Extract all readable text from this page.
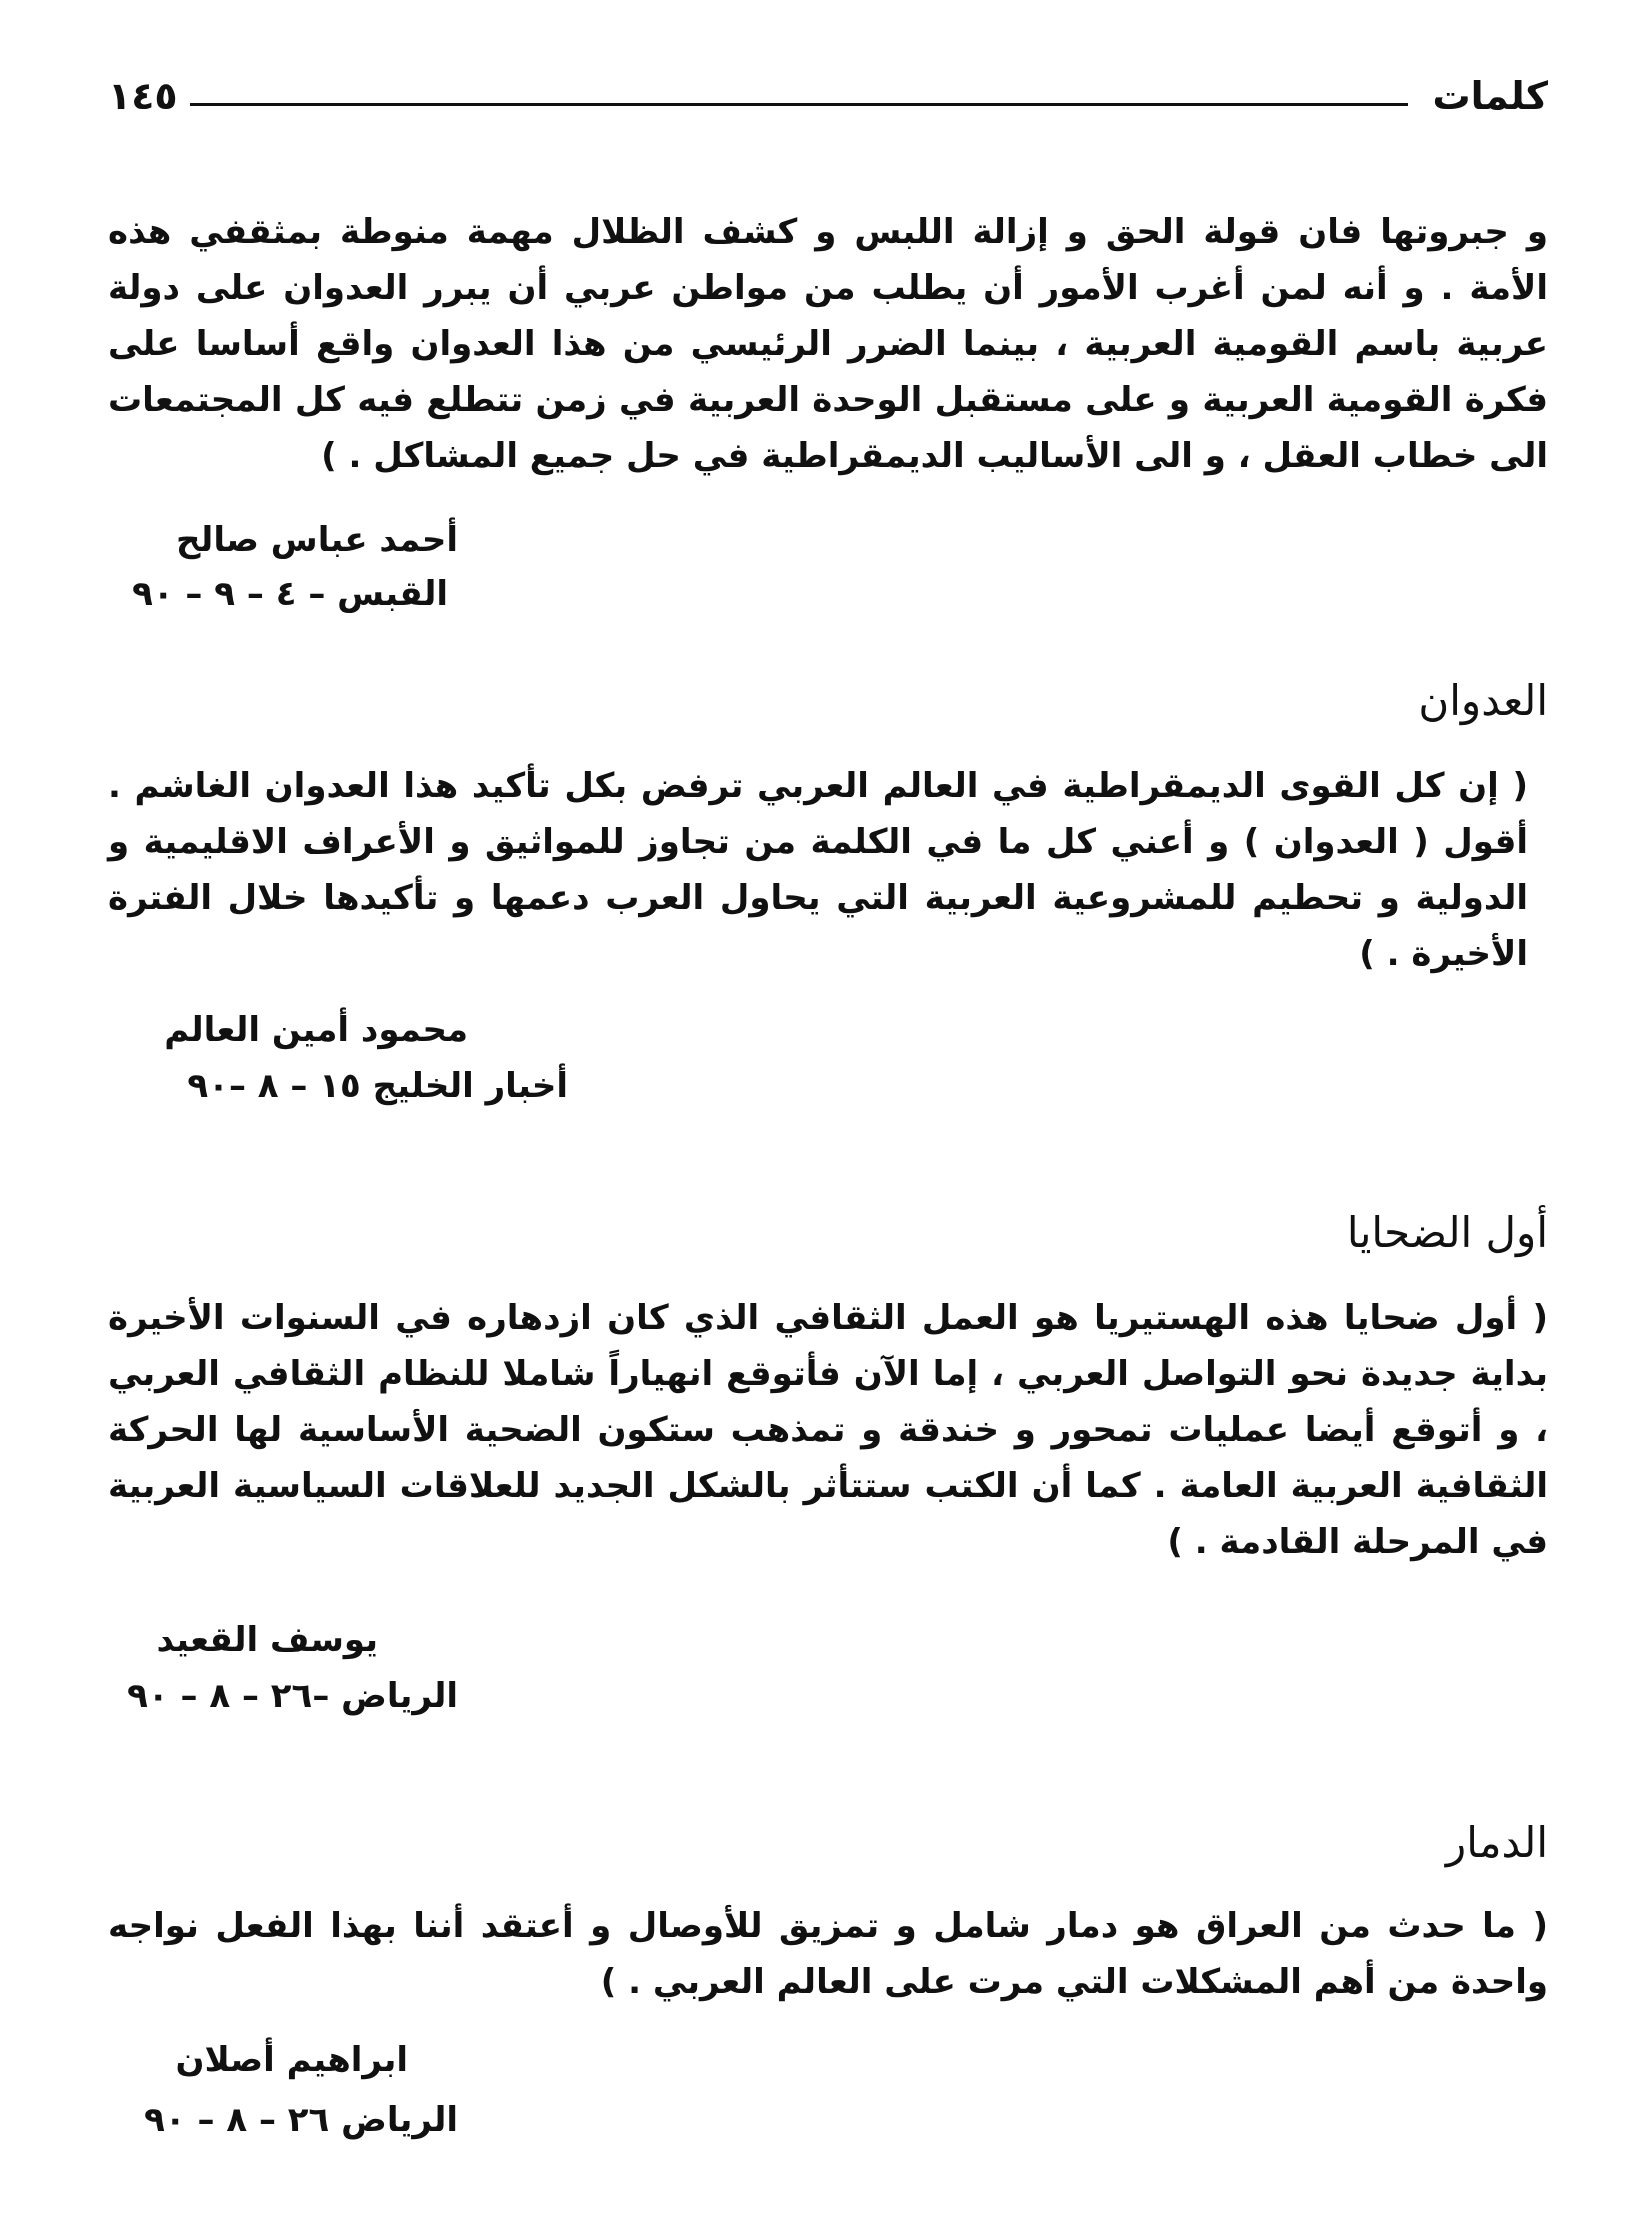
كلمات
١٤٥
و جبروتها فان قولة الحق و إزالة اللبس و كشف الظلال مهمة منوطة بمثقفي هذه الأمة . و أنه لمن أغرب الأمور أن يطلب من مواطن عربي أن يبرر العدوان على دولة عربية باسم القومية العربية ، بينما الضرر الرئيسي من هذا العدوان واقع أساسا على فكرة القومية العربية و على مستقبل الوحدة العربية في زمن تتطلع فيه كل المجتمعات الى خطاب العقل ، و الى الأساليب الديمقراطية في حل جميع المشاكل . )
أحمد عباس صالح
القبس – ٤ – ٩ – ٩٠
العدوان
( إن كل القوى الديمقراطية في العالم العربي ترفض بكل تأكيد هذا العدوان الغاشم . أقول ( العدوان ) و أعني كل ما في الكلمة من تجاوز للمواثيق و الأعراف الاقليمية و الدولية و تحطيم للمشروعية العربية التي يحاول العرب دعمها و تأكيدها خلال الفترة الأخيرة . )
محمود أمين العالم
أخبار الخليج ١٥ – ٨ –٩٠
أول الضحايا
( أول ضحايا هذه الهستيريا هو العمل الثقافي الذي كان ازدهاره في السنوات الأخيرة بداية جديدة نحو التواصل العربي ، إما الآن فأتوقع انهياراً شاملا للنظام الثقافي العربي ، و أتوقع أيضا عمليات تمحور و خندقة و تمذهب ستكون الضحية الأساسية لها الحركة الثقافية العربية العامة . كما أن الكتب ستتأثر بالشكل الجديد للعلاقات السياسية العربية في المرحلة القادمة . )
يوسف القعيد
الرياض –٢٦ – ٨ – ٩٠
الدمار
( ما حدث من العراق هو دمار شامل و تمزيق للأوصال و أعتقد أننا بهذا الفعل نواجه واحدة من أهم المشكلات التي مرت على العالم العربي . )
ابراهيم أصلان
الرياض ٢٦ – ٨ – ٩٠
